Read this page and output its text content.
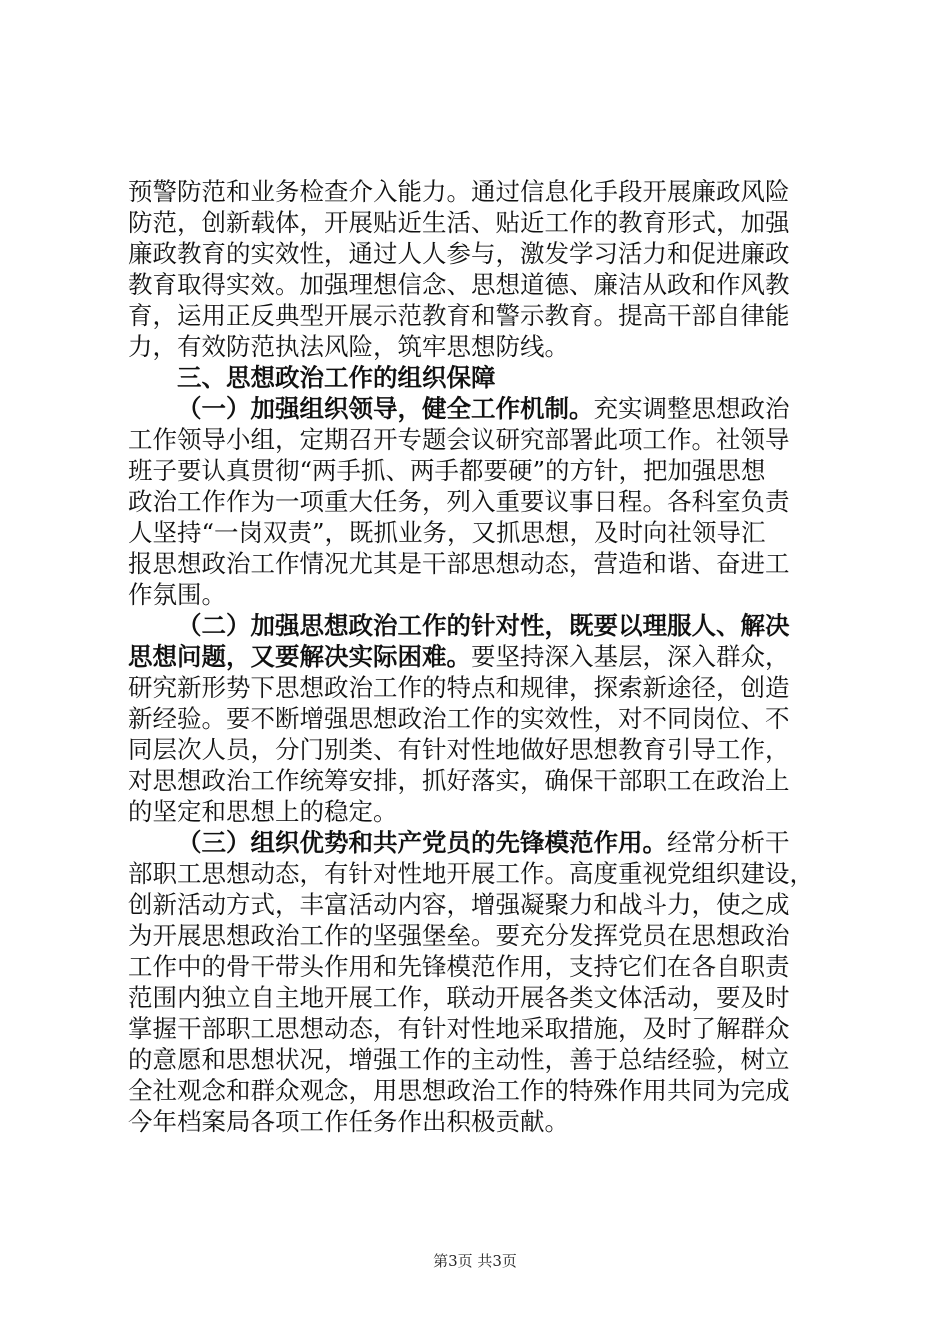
预警防范和业务检查介入能力。通过信息化手段开展廉政风险
防范，创新载体，开展贴近生活、贴近工作的教育形式，加强
廉政教育的实效性，通过人人参与，激发学习活力和促进廉政
教育取得实效。加强理想信念、思想道德、廉洁从政和作风教
育，运用正反典型开展示范教育和警示教育。提高干部自律能
力，有效防范执法风险，筑牢思想防线。
三、思想政治工作的组织保障
（一）加强组织领导，健全工作机制。充实调整思想政治
工作领导小组，定期召开专题会议研究部署此项工作。社领导
班子要认真贯彻“两手抓、两手都要硬”的方针，把加强思想
政治工作作为一项重大任务，列入重要议事日程。各科室负责
人坚持“一岗双责”，既抓业务，又抓思想，及时向社领导汇
报思想政治工作情况尤其是干部思想动态，营造和谐、奋进工
作氛围。
（二）加强思想政治工作的针对性，既要以理服人、解决
思想问题，又要解决实际困难。要坚持深入基层，深入群众，
研究新形势下思想政治工作的特点和规律，探索新途径，创造
新经验。要不断增强思想政治工作的实效性，对不同岗位、不
同层次人员，分门别类、有针对性地做好思想教育引导工作，
对思想政治工作统筹安排，抓好落实，确保干部职工在政治上
的坚定和思想上的稳定。
（三）组织优势和共产党员的先锋模范作用。经常分析干
部职工思想动态，有针对性地开展工作。高度重视党组织建设，
创新活动方式，丰富活动内容，增强凝聚力和战斗力，使之成
为开展思想政治工作的坚强堡垒。要充分发挥党员在思想政治
工作中的骨干带头作用和先锋模范作用，支持它们在各自职责
范围内独立自主地开展工作，联动开展各类文体活动，要及时
掌握干部职工思想动态，有针对性地采取措施，及时了解群众
的意愿和思想状况，增强工作的主动性，善于总结经验，树立
全社观念和群众观念，用思想政治工作的特殊作用共同为完成
今年档案局各项工作任务作出积极贡献。
第3页 共3页
